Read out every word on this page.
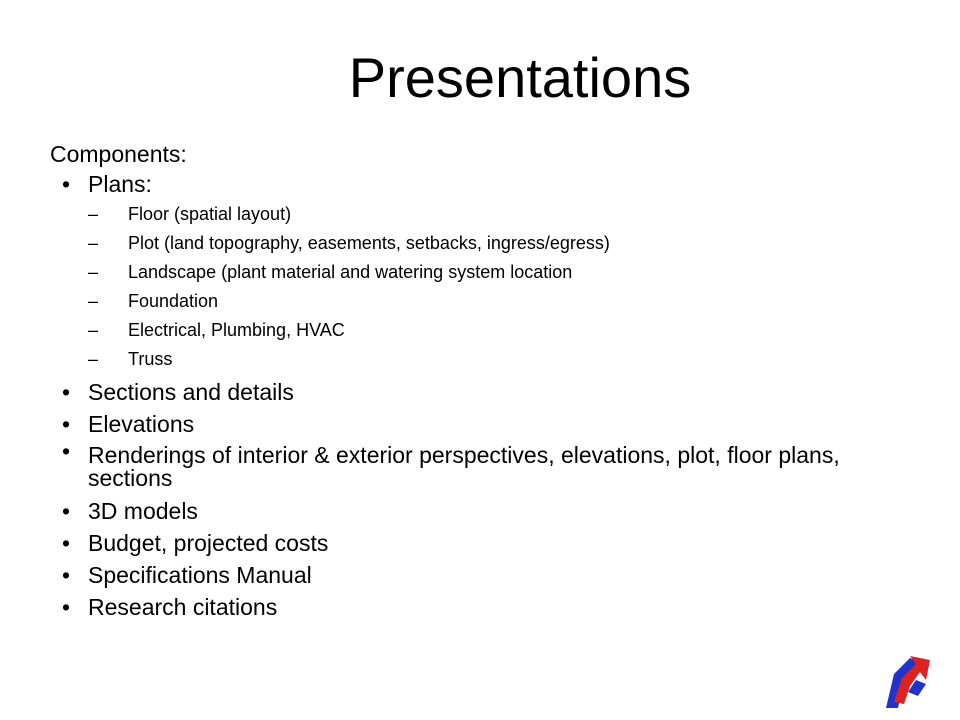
Presentations
Components:
• Plans:
– Floor (spatial layout)
– Plot (land topography, easements, setbacks, ingress/egress)
– Landscape (plant material and watering system location
– Foundation
– Electrical, Plumbing, HVAC
– Truss
• Sections and details
• Elevations
• Renderings of interior & exterior perspectives, elevations, plot, floor plans, sections
• 3D models
• Budget, projected costs
• Specifications Manual
• Research citations
